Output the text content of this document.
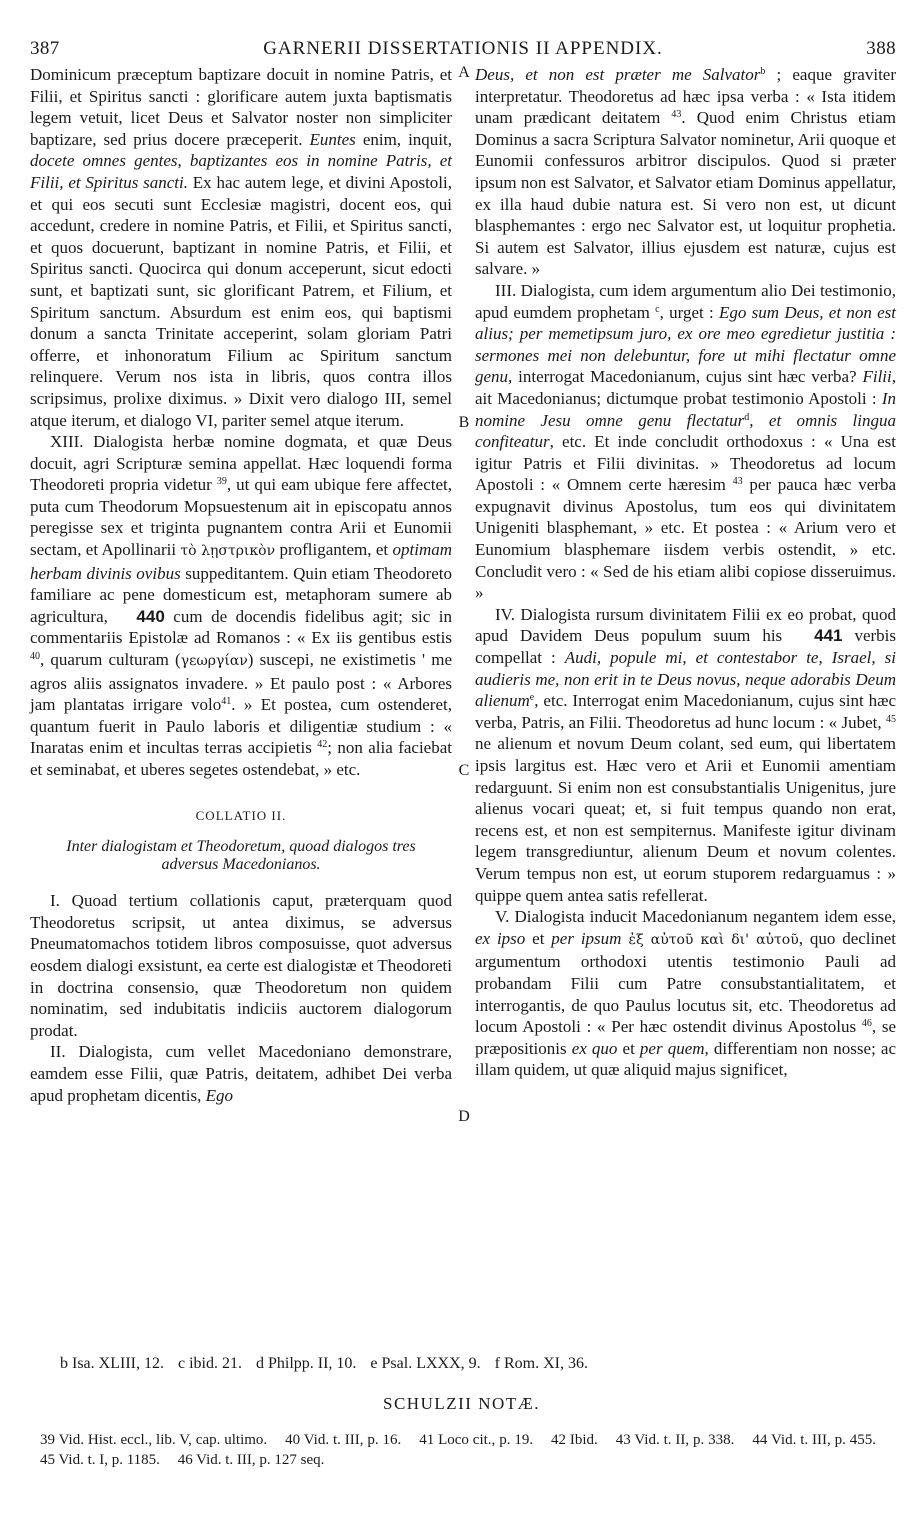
387	GARNERII DISSERTATIONIS II APPENDIX.	388

Dominicum præceptum baptizare docuit in nomine Patris, et Filii, et Spiritus sancti : glorificare autem juxta baptismatis legem vetuit, licet Deus et Salvator noster non simpliciter baptizare, sed prius docere præceperit. Euntes enim, inquit, docete omnes gentes, baptizantes eos in nomine Patris, et Filii, et Spiritus sancti. Ex hac autem lege, et divini Apostoli, et qui eos secuti sunt Ecclesiæ magistri, docent eos, qui accedunt, credere in nomine Patris, et Filii, et Spiritus sancti, et quos docuerunt, baptizant in nomine Patris, et Filii, et Spiritus sancti. Quocirca qui donum acceperunt, sicut edocti sunt, et baptizati sunt, sic glorificant Patrem, et Filium, et Spiritum sanctum. Absurdum est enim eos, qui baptismi donum a sancta Trinitate acceperint, solam gloriam Patri offerre, et inhonoratum Filium ac Spiritum sanctum relinquere. Verum nos ista in libris, quos contra illos scripsimus, prolixe diximus. » Dixit vero dialogo III, semel atque iterum, et dialogo VI, pariter semel atque iterum.

XIII. Dialogista herbæ nomine dogmata, et quæ Deus docuit, agri Scripturæ semina appellat. Hæc loquendi forma Theodoreti propria videtur $^{39}$, ut qui eam ubique fere affectet, puta cum Theodorum Mopsuestenum ait in episcopatu annos peregisse sex et triginta pugnantem contra Arii et Eunomii sectam, et Apollinarii τὸ λῃστρικὸν profligantem, et optimam herbam divinis ovibus suppeditantem. Quin etiam Theodoreto familiare ac pene domesticum est, metaphoram sumere ab agricultura, 440 cum de docendis fidelibus agit; sic in commentariis Epistolæ ad Romanos : « Ex iis gentibus estis $^{40}$, quarum culturam (γεωργίαν) suscepi, ne existimetis ' me agros aliis assignatos invadere. » Et paulo post : « Arbores jam plantatas irrigare volo$^{41}$. » Et postea, cum ostenderet, quantum fuerit in Paulo laboris et diligentiæ studium : « Inaratas enim et incultas terras accipietis $^{42}$; non alia faciebat et seminabat, et uberes segetes ostendebat, » etc.

COLLATIO II.
Inter dialogistam et Theodoretum, quoad dialogos tres adversus Macedonianos.

I. Quoad tertium collationis caput, præterquam quod Theodoretus scripsit, ut antea diximus, se adversus Pneumatomachos totidem libros composuisse, quot adversus eosdem dialogi exsistunt, ea certe est dialogistæ et Theodoreti in doctrina consensio, quæ Theodoretum non quidem nominatim, sed indubitatis indiciis auctorem dialogorum prodat.

II. Dialogista, cum vellet Macedoniano demonstrare, eamdem esse Filii, quæ Patris, deitatem, adhibet Dei verba apud prophetam dicentis, Ego

A
B
C
D

Deus, et non est præter me Salvator$^b$ ; eaque graviter interpretatur. Theodoretus ad hæc ipsa verba : « Ista itidem unam prædicant deitatem $^{43}$. Quod enim Christus etiam Dominus a sacra Scriptura Salvator nominetur, Arii quoque et Eunomii confessuros arbitror discipulos. Quod si præter ipsum non est Salvator, et Salvator etiam Dominus appellatur, ex illa haud dubie natura est. Si vero non est, ut dicunt blasphemantes : ergo nec Salvator est, ut loquitur prophetia. Si autem est Salvator, illius ejusdem est naturæ, cujus est salvare. »

III. Dialogista, cum idem argumentum alio Dei testimonio, apud eumdem prophetam $^c$, urget : Ego sum Deus, et non est alius; per memetipsum juro, ex ore meo egredietur justitia : sermones mei non delebuntur, fore ut mihi flectatur omne genu, interrogat Macedonianum, cujus sint hæc verba? Filii, ait Macedonianus; dictumque probat testimonio Apostoli : In nomine Jesu omne genu flectatur$^d$, et omnis lingua confiteatur, etc. Et inde concludit orthodoxus : « Una est igitur Patris et Filii divinitas. » Theodoretus ad locum Apostoli : « Omnem certe hæresim $^{43}$ per pauca hæc verba expugnavit divinus Apostolus, tum eos qui divinitatem Unigeniti blasphemant, » etc. Et postea : « Arium vero et Eunomium blasphemare iisdem verbis ostendit, » etc. Concludit vero : « Sed de his etiam alibi copiose disseruimus. »

IV. Dialogista rursum divinitatem Filii ex eo probat, quod apud Davidem Deus populum suum his 441 verbis compellat : Audi, popule mi, et contestabor te, Israel, si audieris me, non erit in te Deus novus, neque adorabis Deum alienum$^e$, etc. Interrogat enim Macedonianum, cujus sint hæc verba, Patris, an Filii. Theodoretus ad hunc locum : « Jubet, $^{45}$ ne alienum et novum Deum colant, sed eum, qui libertatem ipsis largitus est. Hæc vero et Arii et Eunomii amentiam redarguunt. Si enim non est consubstantialis Unigenitus, jure alienus vocari queat; et, si fuit tempus quando non erat, recens est, et non est sempiternus. Manifeste igitur divinam legem transgrediuntur, alienum Deum et novum colentes. Verum tempus non est, ut eorum stuporem redarguamus : » quippe quem antea satis refellerat.

V. Dialogista inducit Macedonianum negantem idem esse, ex ipso et per ipsum ἐξ αὐτοῦ καὶ δι' αὐτοῦ, quo declinet argumentum orthodoxi utentis testimonio Pauli ad probandam Filii cum Patre consubstantialitatem, et interrogantis, de quo Paulus locutus sit, etc. Theodoretus ad locum Apostoli : « Per hæc ostendit divinus Apostolus $^{46}$, se præpositionis ex quo et per quem, differentiam non nosse; ac illam quidem, ut quæ aliquid majus significet,

b Isa. XLIII, 12. c ibid. 21. d Philpp. II, 10. e Psal. LXXX, 9. f Rom. XI, 36.
SCHULZII NOTÆ.
39 Vid. Hist. eccl., lib. V, cap. ultimo. 40 Vid. t. III, p. 16. 41 Loco cit., p. 19. 42 Ibid. 43 Vid. t. II, p. 338. 44 Vid. t. III, p. 455. 45 Vid. t. I, p. 1185. 46 Vid. t. III, p. 127 seq.
